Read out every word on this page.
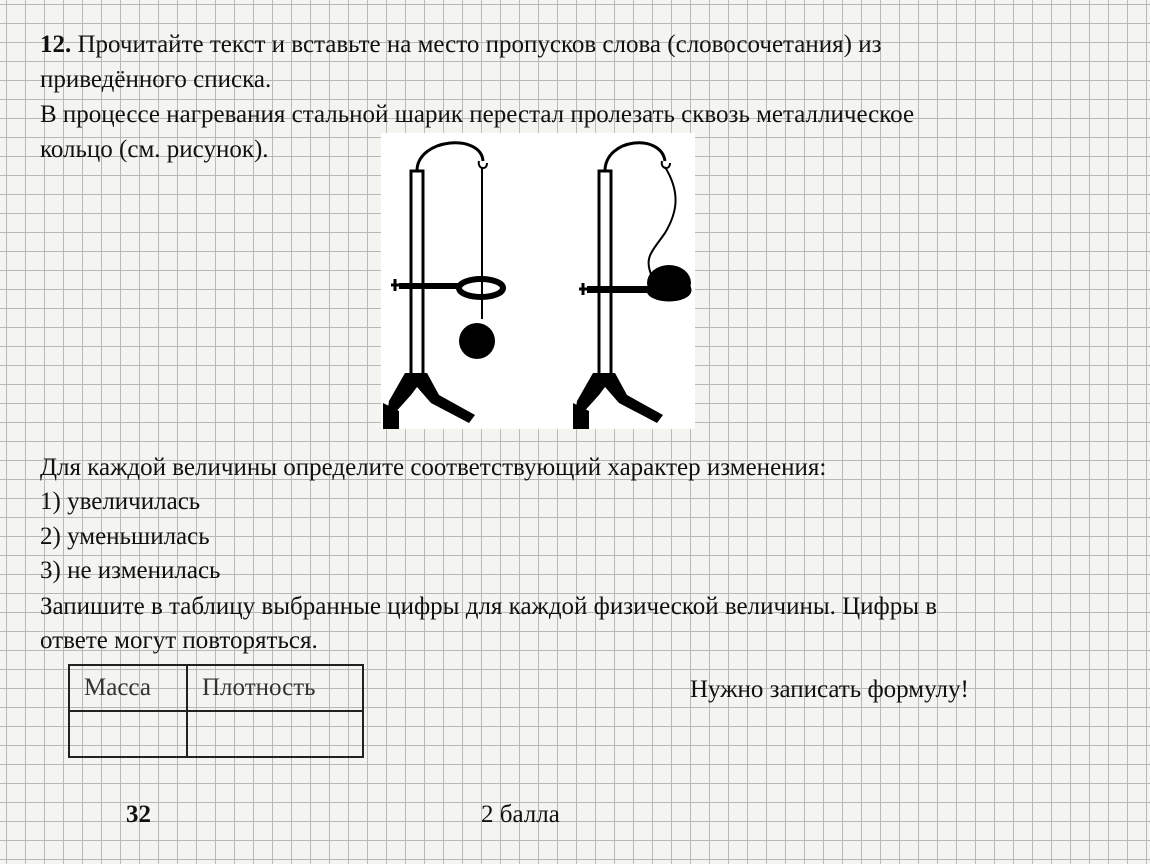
12. Прочитайте текст и вставьте на место пропусков слова (словосочетания) из
приведённого списка.
В процессе нагревания стальной шарик перестал пролезать сквозь металлическое
кольцо (см. рисунок).
Для каждой величины определите соответствующий характер изменения:
1) увеличилась
2) уменьшилась
3) не изменилась
Запишите в таблицу выбранные цифры для каждой физической величины. Цифры в
ответе могут повторяться.
Масса	Плотность
		Нужно записать формулу!
32	2 балла
